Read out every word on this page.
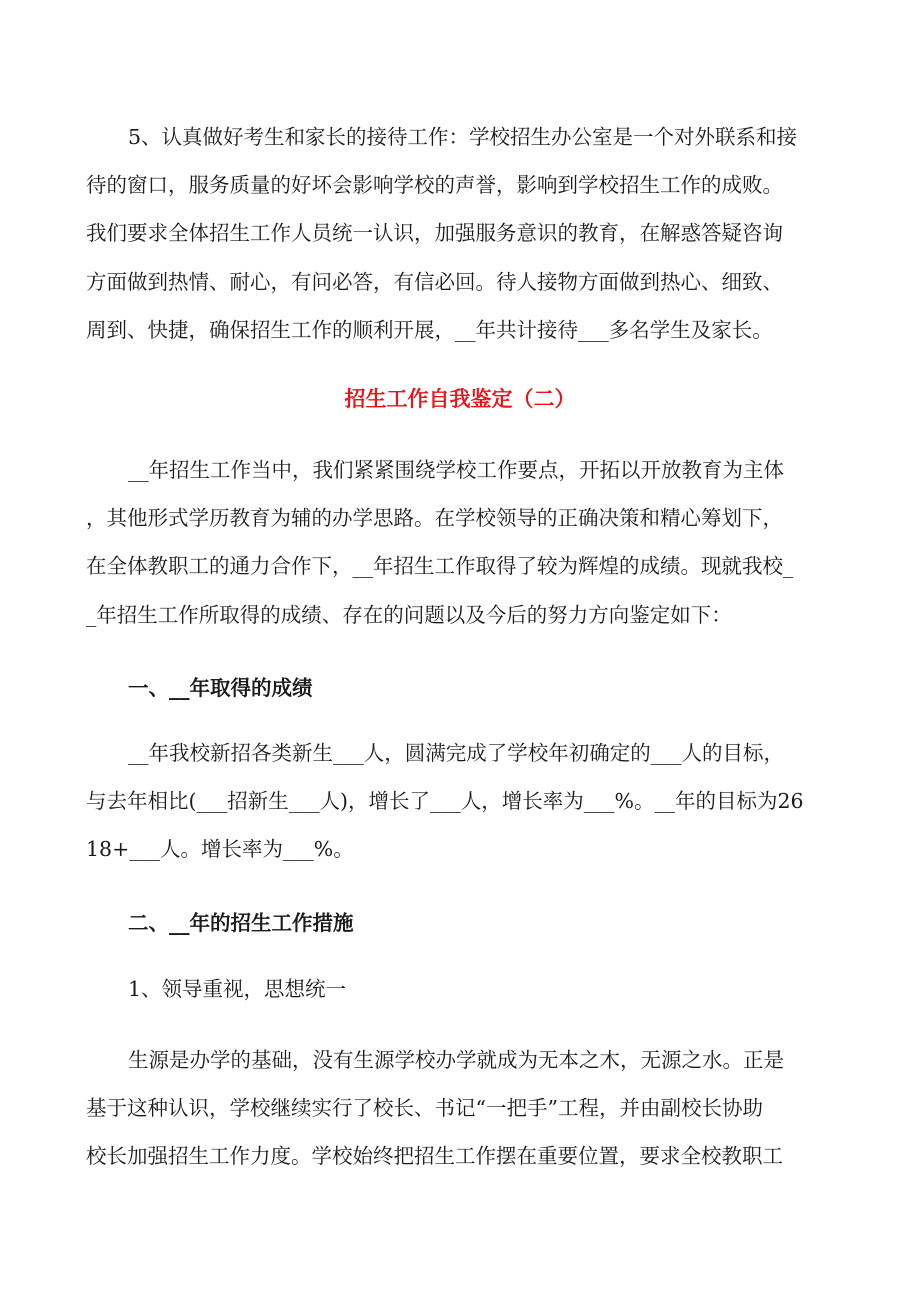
5、认真做好考生和家长的接待工作：学校招生办公室是一个对外联系和接
待的窗口，服务质量的好坏会影响学校的声誉，影响到学校招生工作的成败。
我们要求全体招生工作人员统一认识，加强服务意识的教育，在解惑答疑咨询
方面做到热情、耐心，有问必答，有信必回。待人接物方面做到热心、细致、
周到、快捷，确保招生工作的顺利开展，__年共计接待___多名学生及家长。
招生工作自我鉴定（二）
__年招生工作当中，我们紧紧围绕学校工作要点，开拓以开放教育为主体
，其他形式学历教育为辅的办学思路。在学校领导的正确决策和精心筹划下，
在全体教职工的通力合作下，__年招生工作取得了较为辉煌的成绩。现就我校_
_年招生工作所取得的成绩、存在的问题以及今后的努力方向鉴定如下：
一、__年取得的成绩
__年我校新招各类新生___人，圆满完成了学校年初确定的___人的目标，
与去年相比(___招新生___人)，增长了___人，增长率为___%。__年的目标为26
18+___人。增长率为___%。
二、__年的招生工作措施
1、领导重视，思想统一
生源是办学的基础，没有生源学校办学就成为无本之木，无源之水。正是
基于这种认识，学校继续实行了校长、书记“一把手”工程，并由副校长协助
校长加强招生工作力度。学校始终把招生工作摆在重要位置，要求全校教职工
